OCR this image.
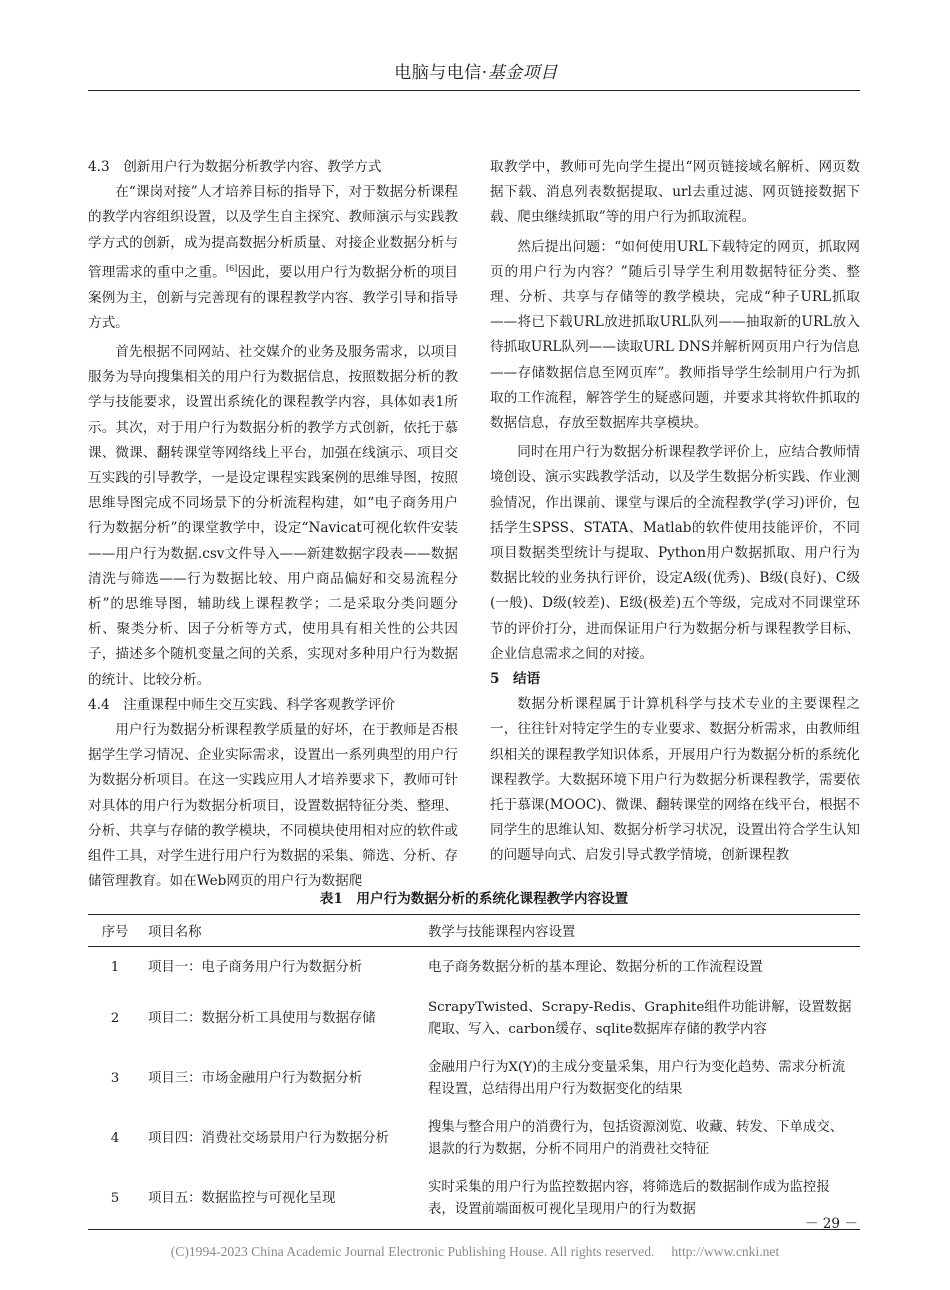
电脑与电信·基金项目

4.3　创新用户行为数据分析教学内容、教学方式

在“课岗对接”人才培养目标的指导下，对于数据分析课程的教学内容组织设置，以及学生自主探究、教师演示与实践教学方式的创新，成为提高数据分析质量、对接企业数据分析与管理需求的重中之重。[6]因此，要以用户行为数据分析的项目案例为主，创新与完善现有的课程教学内容、教学引导和指导方式。

首先根据不同网站、社交媒介的业务及服务需求，以项目服务为导向搜集相关的用户行为数据信息，按照数据分析的教学与技能要求，设置出系统化的课程教学内容，具体如表1所示。其次，对于用户行为数据分析的教学方式创新，依托于慕课、微课、翻转课堂等网络线上平台，加强在线演示、项目交互实践的引导教学，一是设定课程实践案例的思维导图，按照思维导图完成不同场景下的分析流程构建，如“电子商务用户行为数据分析”的课堂教学中，设定“Navicat可视化软件安装——用户行为数据.csv文件导入——新建数据字段表——数据清洗与筛选——行为数据比较、用户商品偏好和交易流程分析”的思维导图，辅助线上课程教学；二是采取分类问题分析、聚类分析、因子分析等方式，使用具有相关性的公共因子，描述多个随机变量之间的关系，实现对多种用户行为数据的统计、比较分析。

4.4　注重课程中师生交互实践、科学客观教学评价

用户行为数据分析课程教学质量的好坏，在于教师是否根据学生学习情况、企业实际需求，设置出一系列典型的用户行为数据分析项目。在这一实践应用人才培养要求下，教师可针对具体的用户行为数据分析项目，设置数据特征分类、整理、分析、共享与存储的教学模块，不同模块使用相对应的软件或组件工具，对学生进行用户行为数据的采集、筛选、分析、存储管理教育。如在Web网页的用户行为数据爬

取教学中，教师可先向学生提出“网页链接域名解析、网页数据下载、消息列表数据提取、url去重过滤、网页链接数据下载、爬虫继续抓取”等的用户行为抓取流程。

然后提出问题：“如何使用URL下载特定的网页，抓取网页的用户行为内容？”随后引导学生利用数据特征分类、整理、分析、共享与存储等的教学模块，完成“种子URL抓取——将已下载URL放进抓取URL队列——抽取新的URL放入待抓取URL队列——读取URL DNS并解析网页用户行为信息——存储数据信息至网页库”。教师指导学生绘制用户行为抓取的工作流程，解答学生的疑惑问题，并要求其将软件抓取的数据信息，存放至数据库共享模块。

同时在用户行为数据分析课程教学评价上，应结合教师情境创设、演示实践教学活动，以及学生数据分析实践、作业测验情况，作出课前、课堂与课后的全流程教学(学习)评价，包括学生SPSS、STATA、Matlab的软件使用技能评价，不同项目数据类型统计与提取、Python用户数据抓取、用户行为数据比较的业务执行评价，设定A级(优秀)、B级(良好)、C级(一般)、D级(较差)、E级(极差)五个等级，完成对不同课堂环节的评价打分，进而保证用户行为数据分析与课程教学目标、企业信息需求之间的对接。

5　结语

数据分析课程属于计算机科学与技术专业的主要课程之一，往往针对特定学生的专业要求、数据分析需求，由教师组织相关的课程教学知识体系，开展用户行为数据分析的系统化课程教学。大数据环境下用户行为数据分析课程教学，需要依托于慕课(MOOC)、微课、翻转课堂的网络在线平台，根据不同学生的思维认知、数据分析学习状况，设置出符合学生认知的问题导向式、启发引导式教学情境，创新课程教

表1　用户行为数据分析的系统化课程教学内容设置
序号	项目名称	教学与技能课程内容设置
1	项目一：电子商务用户行为数据分析	电子商务数据分析的基本理论、数据分析的工作流程设置
2	项目二：数据分析工具使用与数据存储	ScrapyTwisted、Scrapy-Redis、Graphite组件功能讲解，设置数据爬取、写入、carbon缓存、sqlite数据库存储的教学内容
3	项目三：市场金融用户行为数据分析	金融用户行为X(Y)的主成分变量采集，用户行为变化趋势、需求分析流程设置，总结得出用户行为数据变化的结果
4	项目四：消费社交场景用户行为数据分析	搜集与整合用户的消费行为，包括资源浏览、收藏、转发、下单成交、退款的行为数据，分析不同用户的消费社交特征
5	项目五：数据监控与可视化呈现	实时采集的用户行为监控数据内容，将筛选后的数据制作成为监控报表，设置前端面板可视化呈现用户的行为数据
－ 29 －
(C)1994-2023 China Academic Journal Electronic Publishing House. All rights reserved.　 http://www.cnki.net
